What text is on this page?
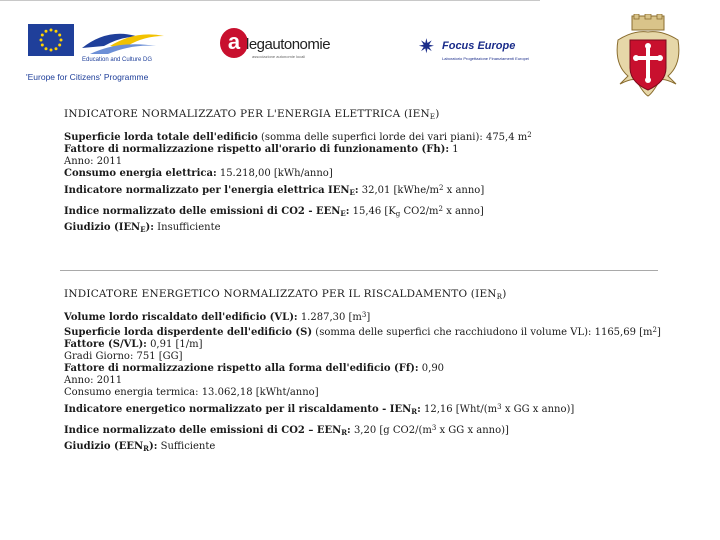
Education and Culture DG
'Europe for Citizens' Programme
a legautonomie
associazione autonomie locali	✷ Focus Europe
Laboratorio Progettazione Finanziamenti Europei
INDICATORE NORMALIZZATO PER L'ENERGIA ELETTRICA $(IEN_E)$
Superficie lorda totale dell'edificio (somma delle superfici lorde dei vari piani): 475,4 $m^2$
Fattore di normalizzazione rispetto all'orario di funzionamento (Fh): 1
Anno: 2011
Consumo energia elettrica: 15.218,00 [kWh/anno]
Indicatore normalizzato per l'energia elettrica $IEN_E$: 32,01 [$kWhe/m^2$ x anno]
Indice normalizzato delle emissioni di $CO2 - EEN_E$: 15,46 [$K_g$ $CO2/m^2$ x anno]
Giudizio $(IEN_E)$: Insufficiente
INDICATORE ENERGETICO NORMALIZZATO PER IL RISCALDAMENTO $(IEN_R)$
Volume lordo riscaldato dell'edificio (VL): 1.287,30 $[m^3]$
Superficie lorda disperdente dell'edificio (S) (somma delle superfici che racchiudono il volume VL): 1165,69 $[m^2]$
Fattore (S/VL): 0,91 [1/m]
Gradi Giorno: 751 [GG]
Fattore di normalizzazione rispetto alla forma dell'edificio (Ff): 0,90
Anno: 2011
Consumo energia termica: 13.062,18 [kWht/anno]
Indicatore energetico normalizzato per il riscaldamento - $IEN_R$: 12,16 [$Wht/(m^3$ x GG x anno)]
Indice normalizzato delle emissioni di $CO2 - EEN_R$: 3,20 [g $CO2/(m^3$ x GG x anno)]
Giudizio $(EEN_R)$: Sufficiente
